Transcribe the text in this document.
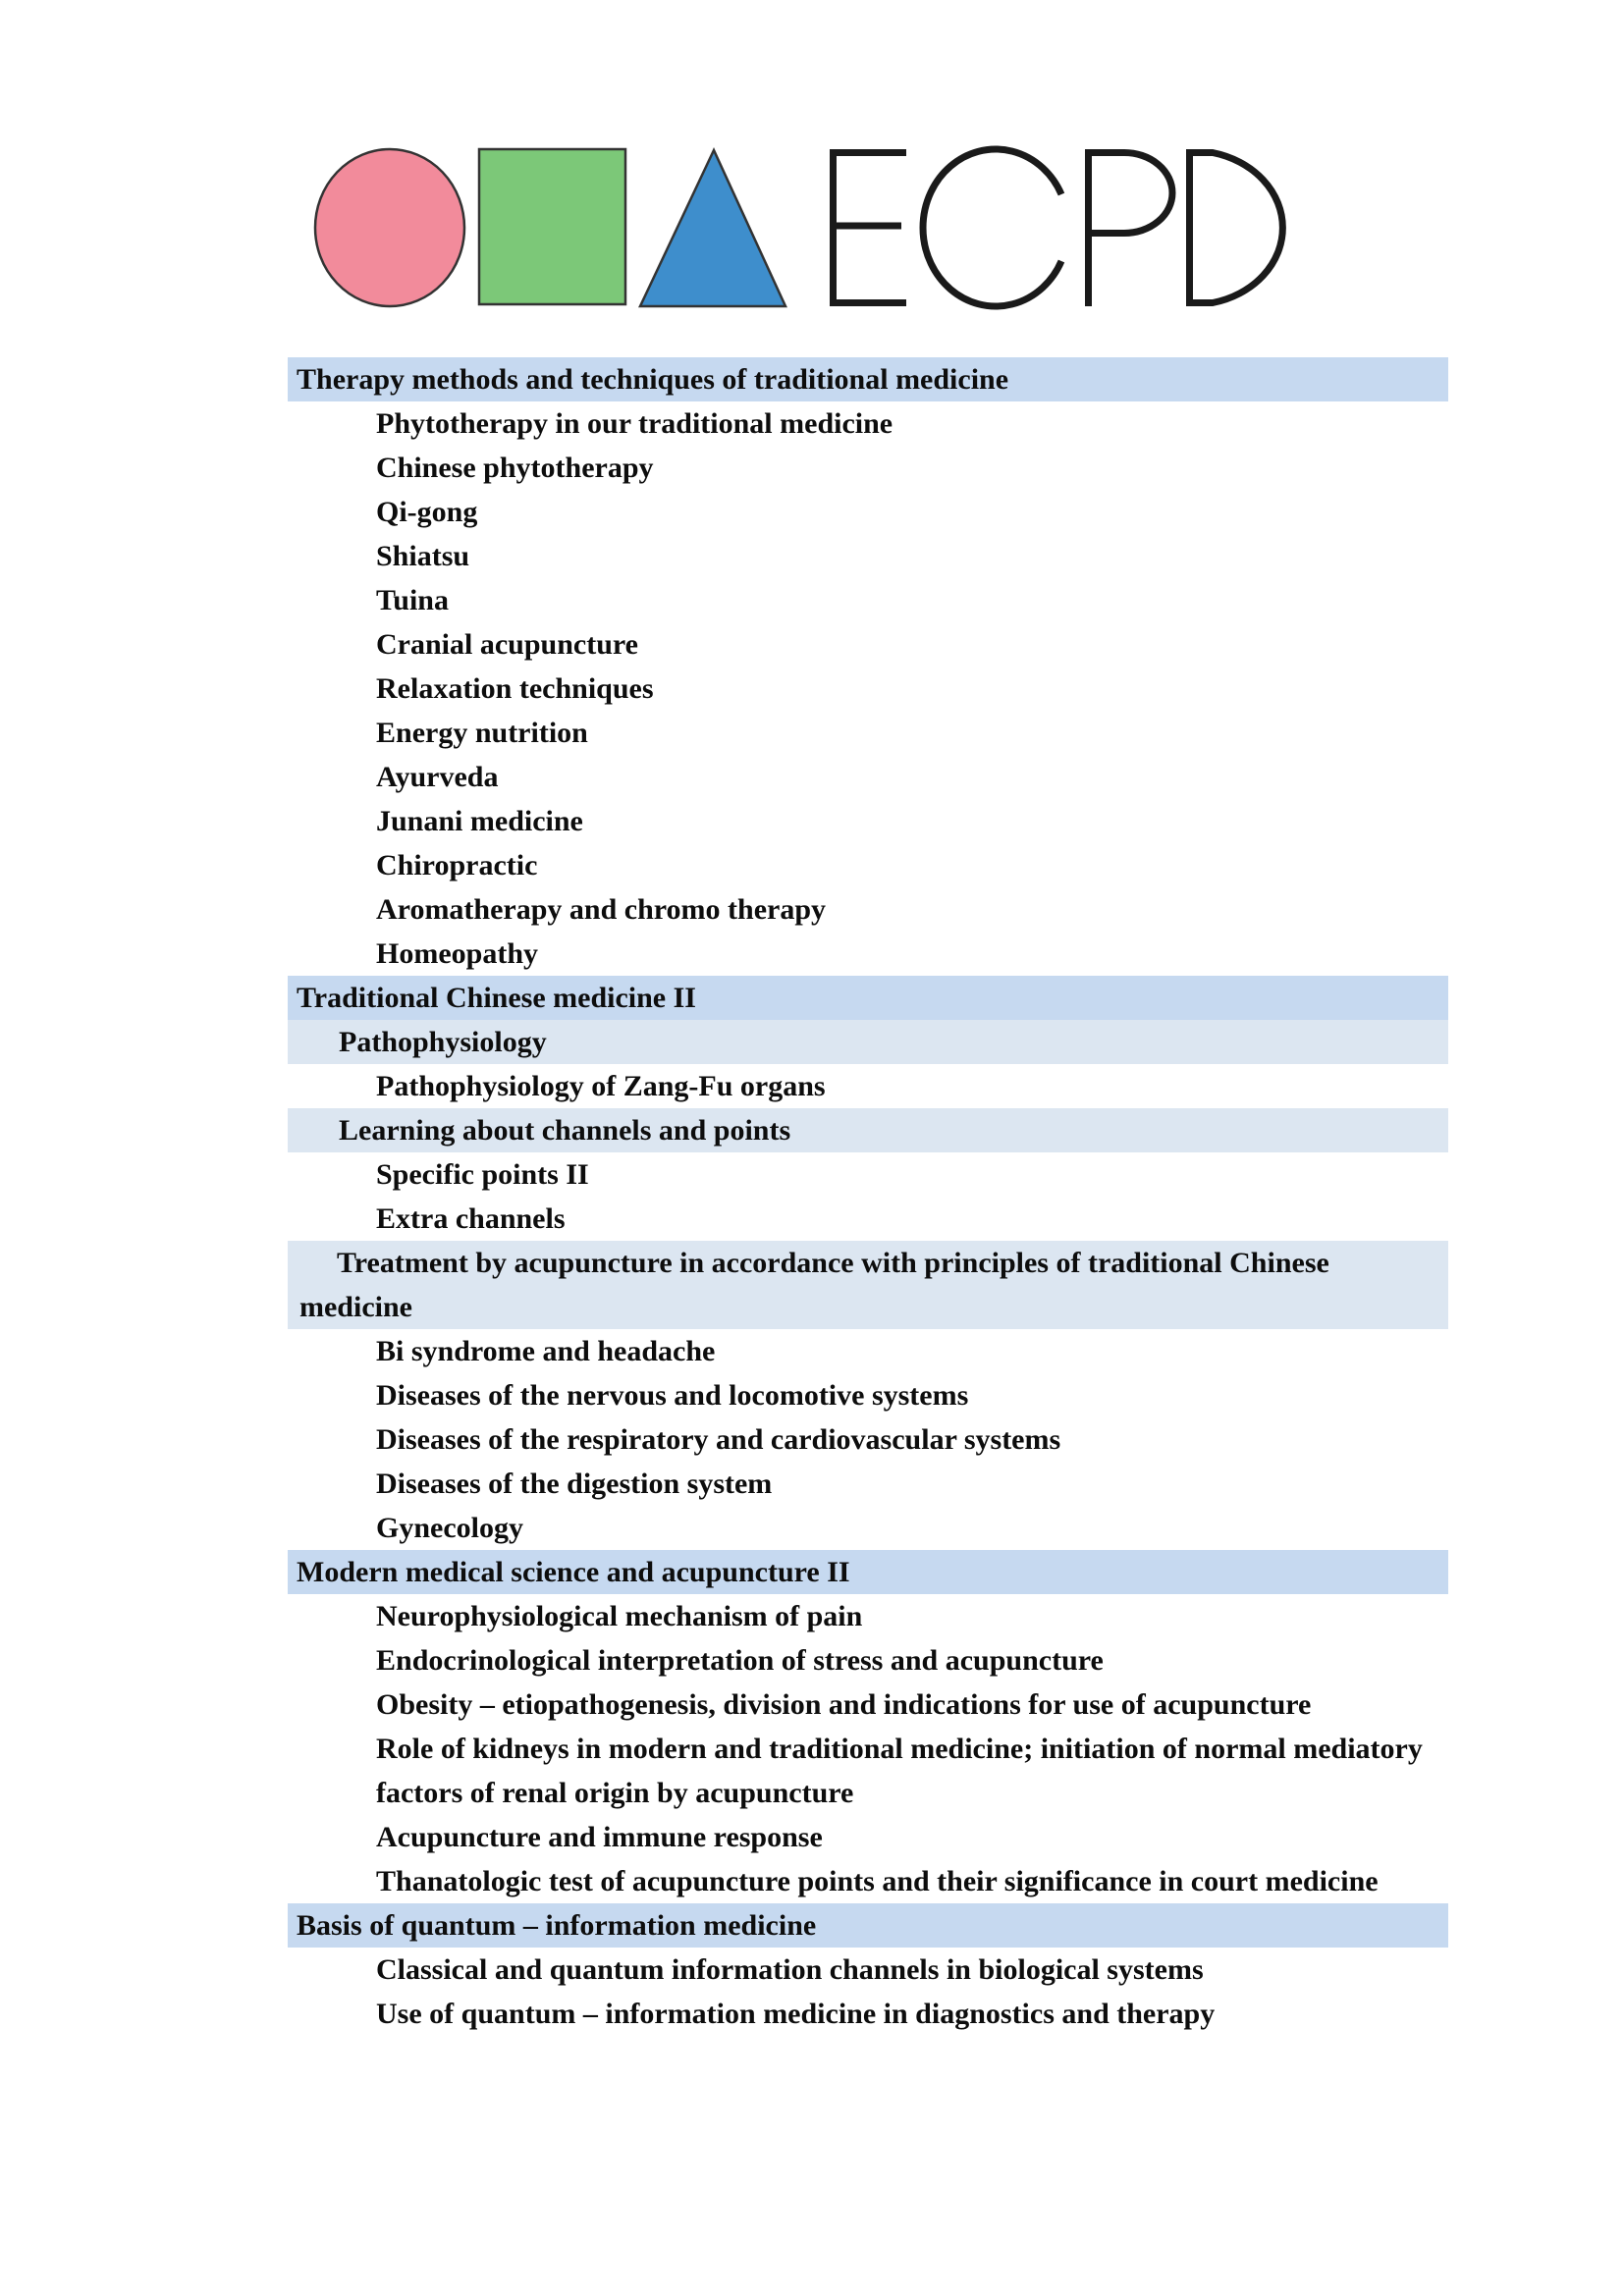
Therapy methods and techniques of traditional medicine
Phytotherapy in our traditional medicine
Chinese phytotherapy
Qi-gong
Shiatsu
Tuina
Cranial acupuncture
Relaxation techniques
Energy nutrition
Ayurveda
Junani medicine
Chiropractic
Aromatherapy and chromo therapy
Homeopathy
Traditional Chinese medicine II
Pathophysiology
Pathophysiology of Zang-Fu organs
Learning about channels and points
Specific points II
Extra channels
Treatment by acupuncture in accordance with principles of traditional Chinese medicine
Bi syndrome and headache
Diseases of the nervous and locomotive systems
Diseases of the respiratory and cardiovascular systems
Diseases of the digestion system
Gynecology
Modern medical science and acupuncture II
Neurophysiological mechanism of pain
Endocrinological interpretation of stress and acupuncture
Obesity – etiopathogenesis, division and indications for use of acupuncture
Role of kidneys in modern and traditional medicine; initiation of normal mediatory factors of renal origin by acupuncture
Acupuncture and immune response
Thanatologic test of acupuncture points and their significance in court medicine
Basis of quantum – information medicine
Classical and quantum information channels in biological systems
Use of quantum – information medicine in diagnostics and therapy
